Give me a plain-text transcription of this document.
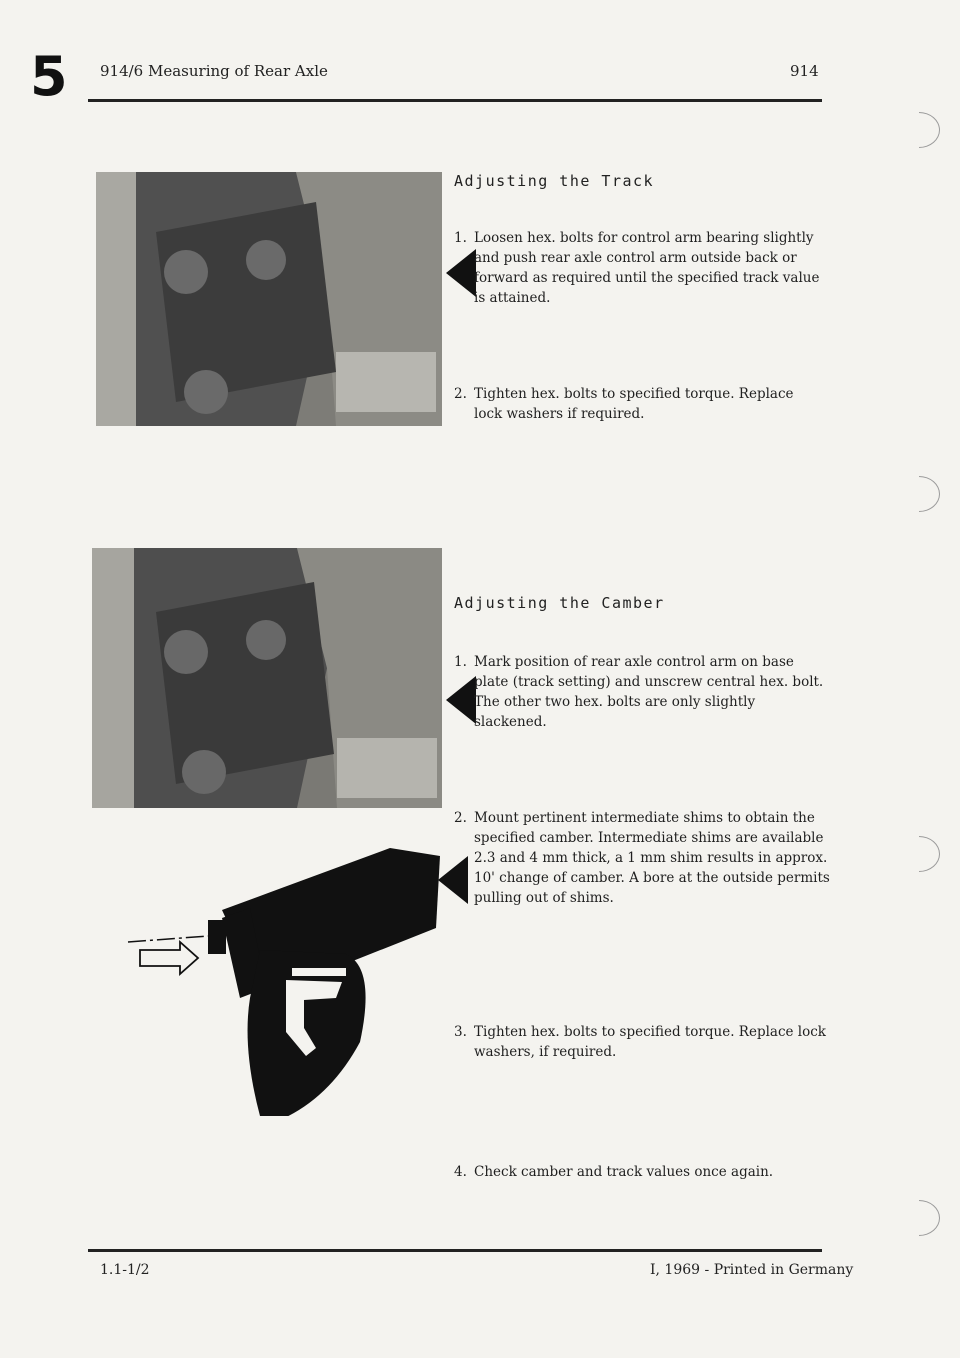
5 914/6 Measuring of Rear Axle	914
Adjusting the Track
1. Loosen hex. bolts for control arm bearing slightly and push rear axle control arm outside back or forward as required until the specified track value is attained.
2. Tighten hex. bolts to specified torque. Replace lock washers if required.
Adjusting the Camber
1. Mark position of rear axle control arm on base plate (track setting) and unscrew central hex. bolt. The other two hex. bolts are only slightly slackened.
2. Mount pertinent intermediate shims to obtain the specified camber. Intermediate shims are available 2.3 and 4 mm thick, a 1 mm shim results in approx. 10' change of camber. A bore at the outside permits pulling out of shims.
3. Tighten hex. bolts to specified torque. Replace lock washers, if required.
4. Check camber and track values once again.
1.1-1/2	I, 1969 - Printed in Germany
